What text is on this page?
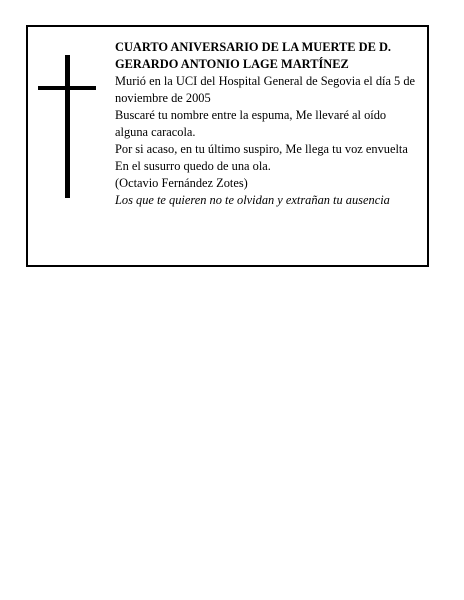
CUARTO ANIVERSARIO DE LA MUERTE DE D. GERARDO ANTONIO LAGE MARTÍNEZ

Murió en la UCI del Hospital General de Segovia el día 5 de noviembre de 2005

Buscaré tu nombre entre la espuma, Me llevaré al oído alguna caracola.

Por si acaso, en tu último suspiro, Me llega tu voz envuelta En el susurro quedo de una ola.

(Octavio Fernández Zotes)

Los que te quieren no te olvidan y extrañan tu ausencia
